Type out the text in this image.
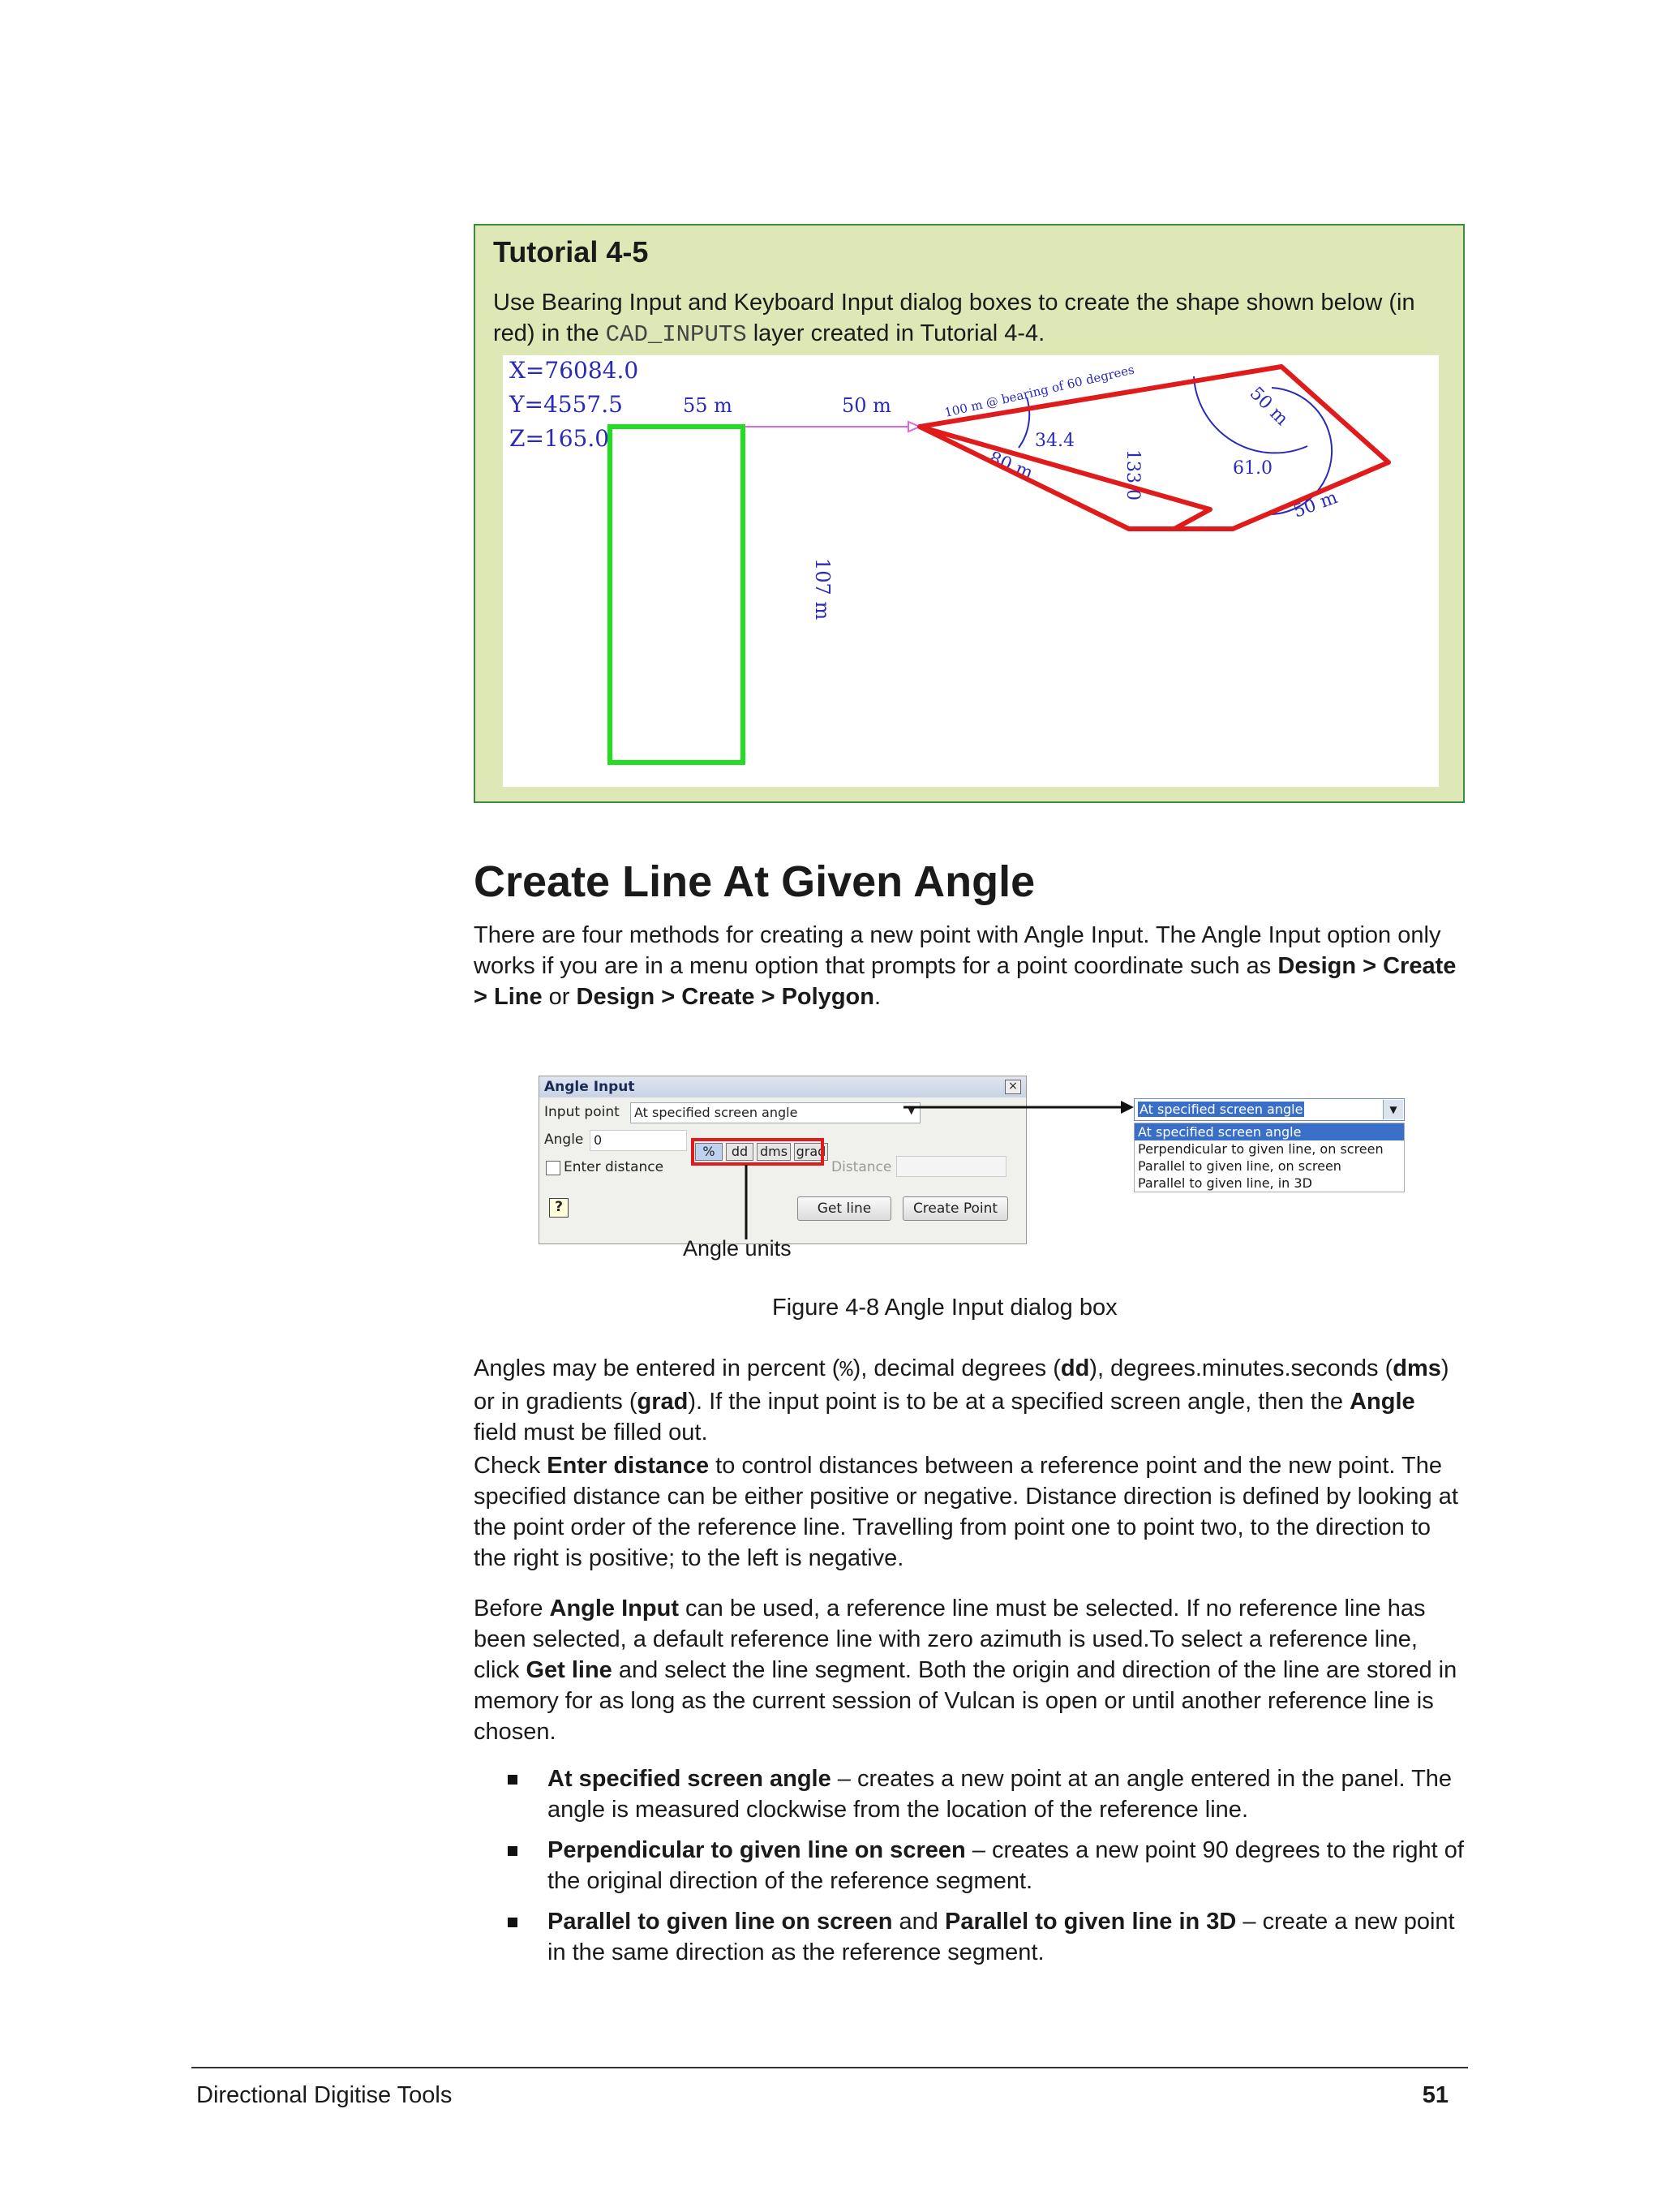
Tutorial 4-5
Use Bearing Input and Keyboard Input dialog boxes to create the shape shown below (in red) in the CAD_INPUTS layer created in Tutorial 4-4.
X=76084.0
Y=4557.5
Z=165.0
55 m	50 m
107 m
100 m @ bearing of 60 degrees
34.4
80 m	133.0	61.0
50 m
50 m
Create Line At Given Angle
There are four methods for creating a new point with Angle Input. The Angle Input option only works if you are in a menu option that prompts for a point coordinate such as Design > Create > Line or Design > Create > Polygon.
Angle Input	×
Input point	At specified screen angle	▼
Angle 0
%	dd dms grad
Enter distance	Distance
?	Get line	Create Point
At specified screen angle	▼
At specified screen angle
Perpendicular to given line, on screen
Parallel to given line, on screen
Parallel to given line, in 3D
Angle units
Figure 4-8 Angle Input dialog box
Angles may be entered in percent (%), decimal degrees (dd), degrees.minutes.seconds (dms) or in gradients (grad). If the input point is to be at a specified screen angle, then the Angle field must be filled out.
Check Enter distance to control distances between a reference point and the new point. The specified distance can be either positive or negative. Distance direction is defined by looking at the point order of the reference line. Travelling from point one to point two, to the direction to the right is positive; to the left is negative.
Before Angle Input can be used, a reference line must be selected. If no reference line has been selected, a default reference line with zero azimuth is used.To select a reference line, click Get line and select the line segment. Both the origin and direction of the line are stored in memory for as long as the current session of Vulcan is open or until another reference line is chosen.
At specified screen angle – creates a new point at an angle entered in the panel. The angle is measured clockwise from the location of the reference line.
Perpendicular to given line on screen – creates a new point 90 degrees to the right of the original direction of the reference segment.
Parallel to given line on screen and Parallel to given line in 3D – create a new point in the same direction as the reference segment.
Directional Digitise Tools	51
